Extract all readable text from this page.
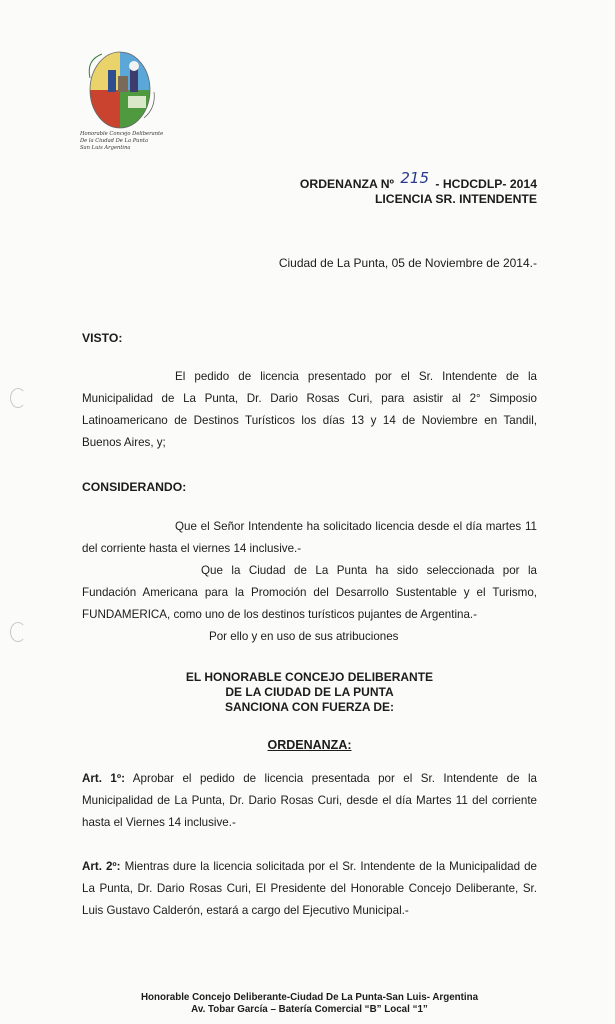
Honorable Concejo Deliberante
De la Ciudad De La Punta
San Luis Argentina
ORDENANZA Nº 215 - HCDCDLP- 2014
LICENCIA SR. INTENDENTE
Ciudad de La Punta, 05 de Noviembre de 2014.-
VISTO:
El pedido de licencia presentado por el Sr. Intendente de la Municipalidad de La Punta, Dr. Dario Rosas Curi, para asistir al 2° Simposio Latinoamericano de Destinos Turísticos los días 13 y 14 de Noviembre en Tandil, Buenos Aires, y;
CONSIDERANDO:
Que el Señor Intendente ha solicitado licencia desde el día martes 11 del corriente hasta el viernes 14 inclusive.-
Que la Ciudad de La Punta ha sido seleccionada por la Fundación Americana para la Promoción del Desarrollo Sustentable y el Turismo, FUNDAMERICA, como uno de los destinos turísticos pujantes de Argentina.-
Por ello y en uso de sus atribuciones
EL HONORABLE CONCEJO DELIBERANTE
DE LA CIUDAD DE LA PUNTA
SANCIONA CON FUERZA DE:
ORDENANZA:
Art. 1º: Aprobar el pedido de licencia presentada por el Sr. Intendente de la Municipalidad de La Punta, Dr. Dario Rosas Curi, desde el día Martes 11 del corriente hasta el Viernes 14 inclusive.-
Art. 2º: Mientras dure la licencia solicitada por el Sr. Intendente de la Municipalidad de La Punta, Dr. Dario Rosas Curi, El Presidente del Honorable Concejo Deliberante, Sr. Luis Gustavo Calderón, estará a cargo del Ejecutivo Municipal.-
Honorable Concejo Deliberante-Ciudad De La Punta-San Luis- Argentina
Av. Tobar García – Batería Comercial “B” Local “1”
